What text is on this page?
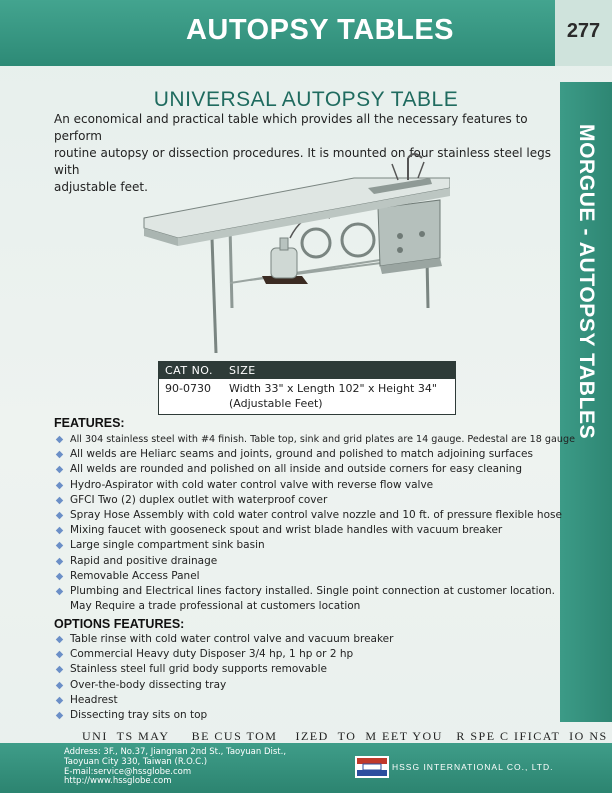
AUTOPSY TABLES	277
MORGUE - AUTOPSY TABLES
UNIVERSAL AUTOPSY TABLE
An economical and practical table which provides all the necessary features to perform
routine autopsy or dissection procedures. It is mounted on four stainless steel legs with
adjustable feet.
CAT NO. SIZE
90-0730 Width 33" x Length 102" x Height 34"
(Adjustable Feet)
FEATURES:
All 304 stainless steel with #4 finish. Table top, sink and grid plates are 14 gauge. Pedestal are 18 gauge
All welds are Heliarc seams and joints, ground and polished to match adjoining surfaces
All welds are rounded and polished on all inside and outside corners for easy cleaning
Hydro-Aspirator with cold water control valve with reverse flow valve
GFCI Two (2) duplex outlet with waterproof cover
Spray Hose Assembly with cold water control valve nozzle and 10 ft. of pressure flexible hose
Mixing faucet with gooseneck spout and wrist blade handles with vacuum breaker
Large single compartment sink basin
Rapid and positive drainage
Removable Access Panel
Plumbing and Electrical lines factory installed. Single point connection at customer location.
May Require a trade professional at customers location
OPTIONS FEATURES:
Table rinse with cold water control valve and vacuum breaker
Commercial Heavy duty Disposer 3/4 hp, 1 hp or 2 hp
Stainless steel full grid body supports removable
Over-the-body dissecting tray
Headrest
Dissecting tray sits on top
UNI  TS MAY     BE CUS TOM    IZED  TO  M EET YOU   R SPE C IFICAT  IO NS
Address: 3F., No.37, Jiangnan 2nd St., Taoyuan Dist.,
Taoyuan City 330, Taiwan (R.O.C.)
E-mail:service@hssglobe.com
http://www.hssglobe.com
HSSG INTERNATIONAL CO., LTD.
